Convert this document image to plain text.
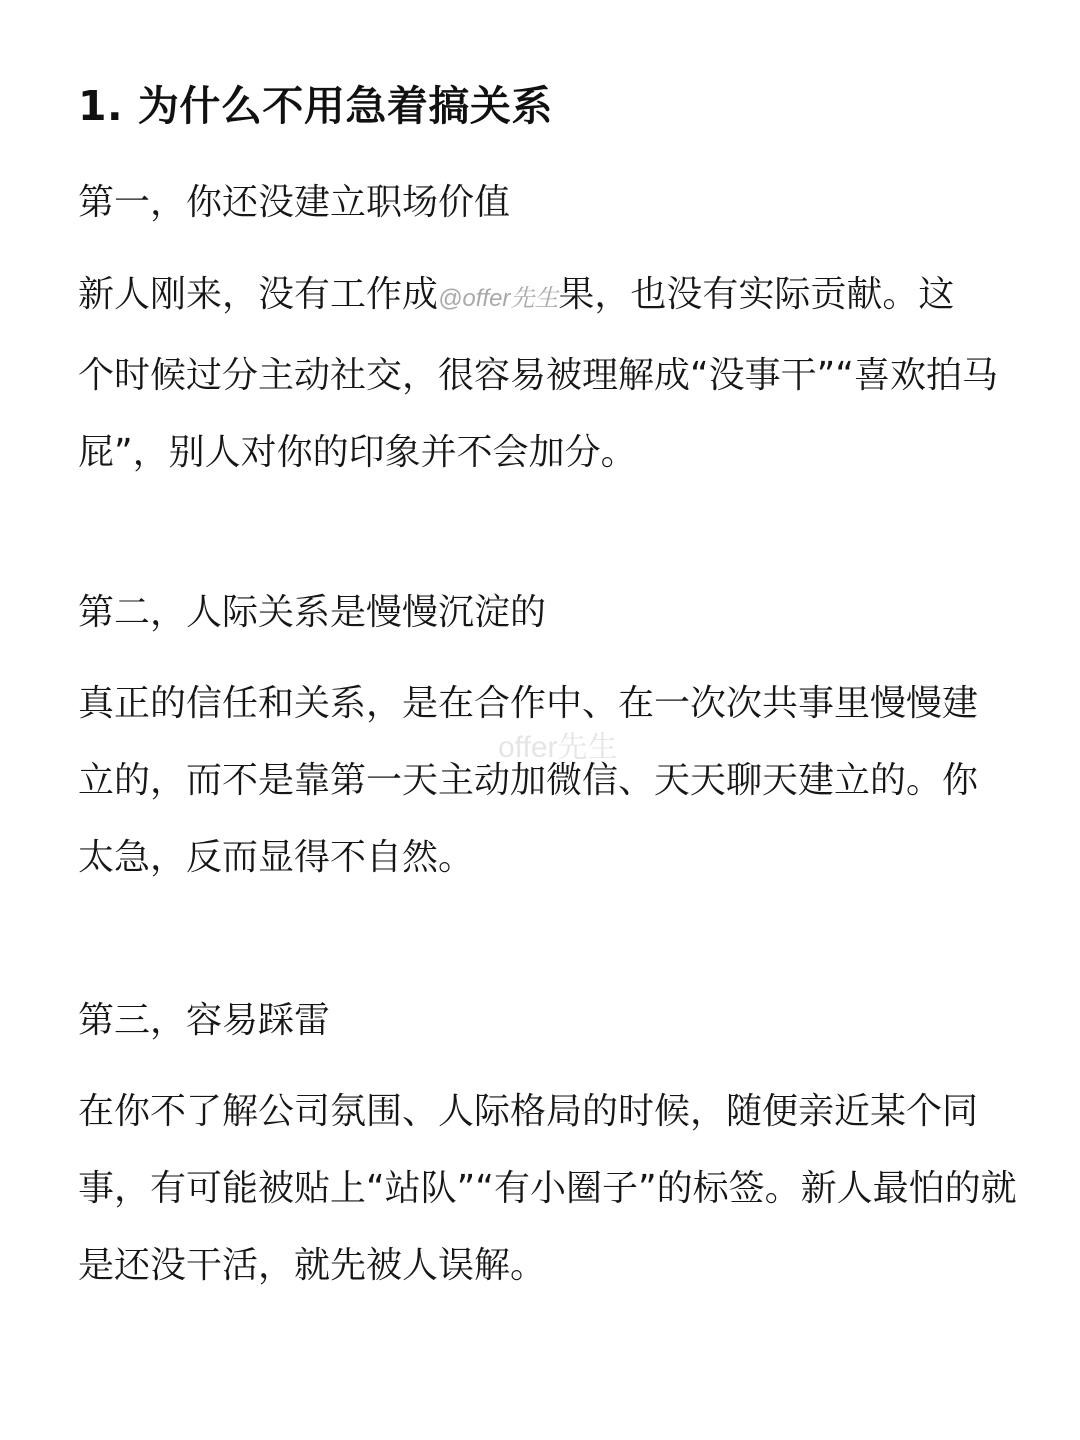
1. 为什么不用急着搞关系
第一，你还没建立职场价值
新人刚来，没有工作成@offer先生果，也没有实际贡献。这
个时候过分主动社交，很容易被理解成“没事干”“喜欢拍马
屁”，别人对你的印象并不会加分。
第二，人际关系是慢慢沉淀的
真正的信任和关系，是在合作中、在一次次共事里慢慢建
立的，而不是靠第一天主动加微信、天天聊天建立的。你
太急，反而显得不自然。
第三，容易踩雷
在你不了解公司氛围、人际格局的时候，随便亲近某个同
事，有可能被贴上“站队”“有小圈子”的标签。新人最怕的就
是还没干活，就先被人误解。
offer先生
